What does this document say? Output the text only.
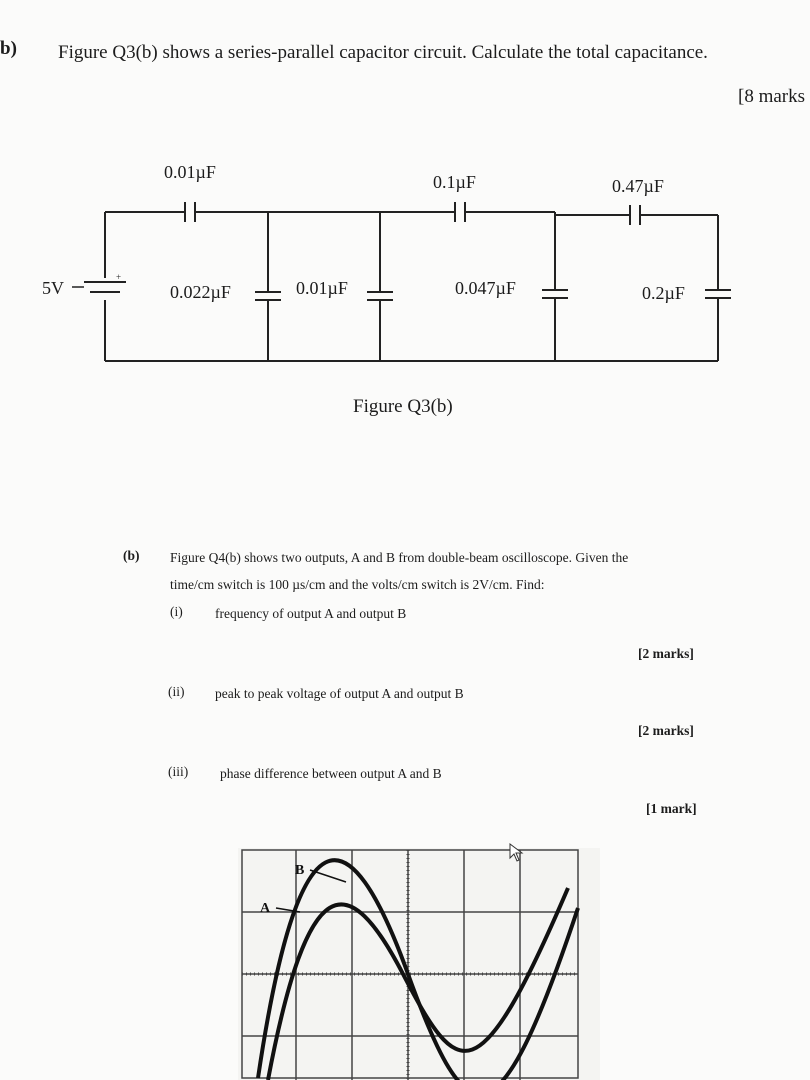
b) Figure Q3(b) shows a series-parallel capacitor circuit. Calculate the total capacitance.
[8 marks
+
5V
0.01µF	0.1µF	0.47µF
0.022µF	0.01µF	0.047µF	0.2µF
Figure Q3(b)
(b) Figure Q4(b) shows two outputs, A and B from double-beam oscilloscope. Given the
time/cm switch is 100 µs/cm and the volts/cm switch is 2V/cm. Find:
(i) frequency of output A and output B
[2 marks]
(ii) peak to peak voltage of output A and output B
[2 marks]
(iii) phase difference between output A and B
[1 mark]
B
A
